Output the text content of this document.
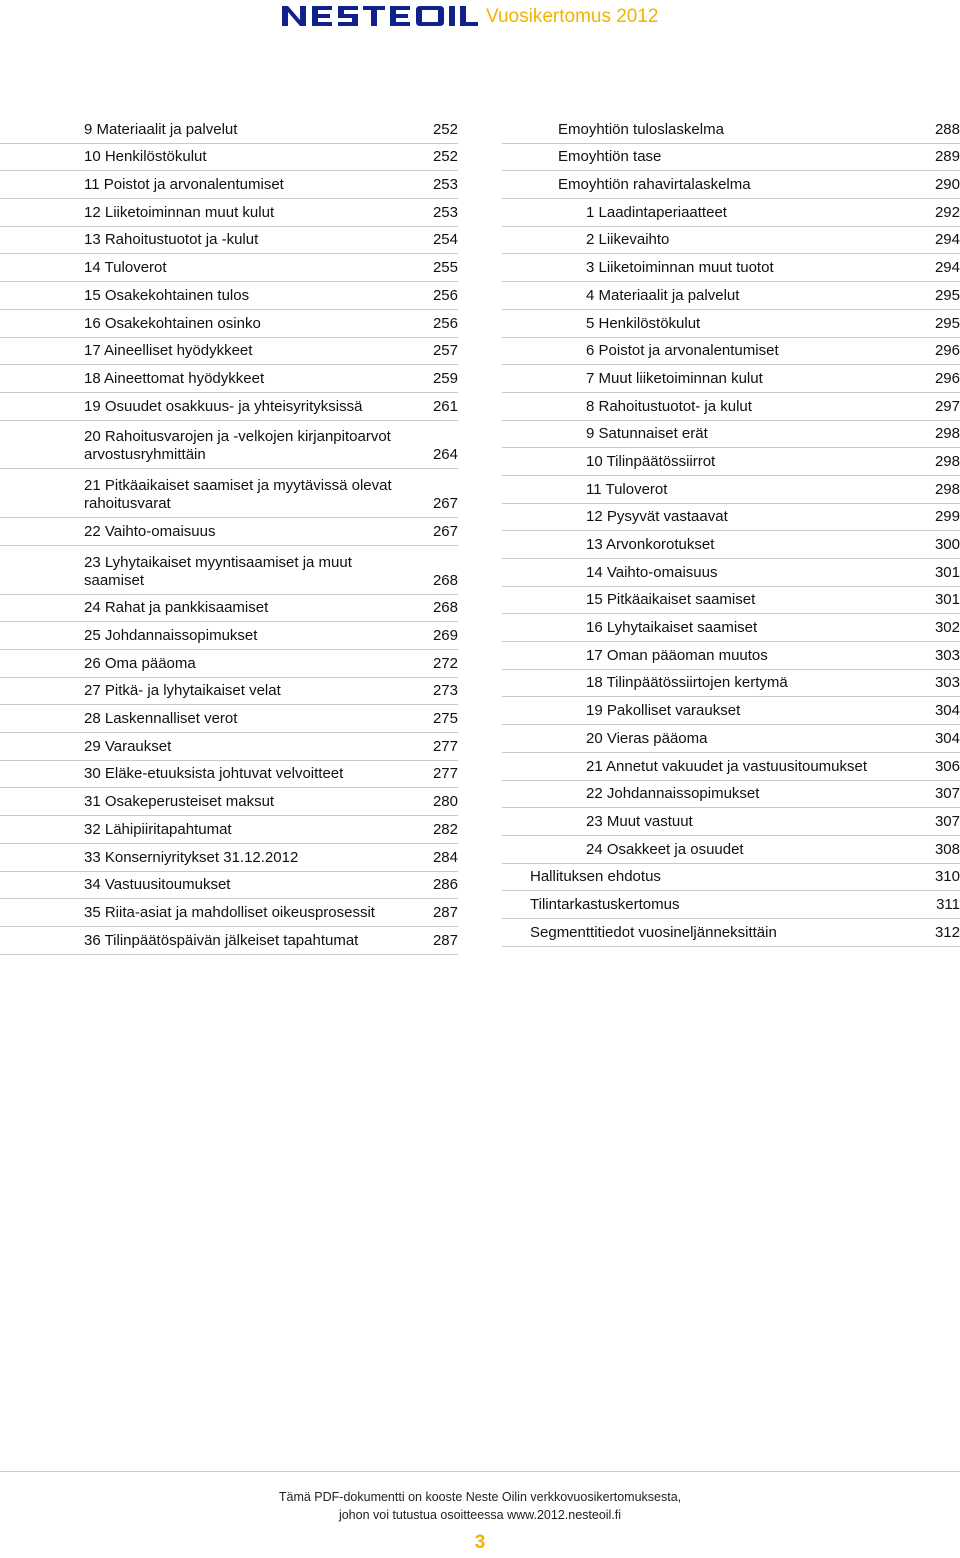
Vuosikertomus 2012
9 Materiaalit ja palvelut	252
10 Henkilöstökulut	252
11 Poistot ja arvonalentumiset	253
12 Liiketoiminnan muut kulut	253
13 Rahoitustuotot ja -kulut	254
14 Tuloverot	255
15 Osakekohtainen tulos	256
16 Osakekohtainen osinko	256
17 Aineelliset hyödykkeet	257
18 Aineettomat hyödykkeet	259
19 Osuudet osakkuus- ja yhteisyrityksissä	261
20 Rahoitusvarojen ja -velkojen kirjanpitoarvot arvostusryhmittäin	264
21 Pitkäaikaiset saamiset ja myytävissä olevat rahoitusvarat	267
22 Vaihto-omaisuus	267
23 Lyhytaikaiset myyntisaamiset ja muut saamiset	268
24 Rahat ja pankkisaamiset	268
25 Johdannaissopimukset	269
26 Oma pääoma	272
27 Pitkä- ja lyhytaikaiset velat	273
28 Laskennalliset verot	275
29 Varaukset	277
30 Eläke-etuuksista johtuvat velvoitteet	277
31 Osakeperusteiset maksut	280
32 Lähipiiritapahtumat	282
33 Konserniyritykset 31.12.2012	284
34 Vastuusitoumukset	286
35 Riita-asiat ja mahdolliset oikeusprosessit	287
36 Tilinpäätöspäivän jälkeiset tapahtumat	287
Emoyhtiön tuloslaskelma	288
Emoyhtiön tase	289
Emoyhtiön rahavirtalaskelma	290
1 Laadintaperiaatteet	292
2 Liikevaihto	294
3 Liiketoiminnan muut tuotot	294
4 Materiaalit ja palvelut	295
5 Henkilöstökulut	295
6 Poistot ja arvonalentumiset	296
7 Muut liiketoiminnan kulut	296
8 Rahoitustuotot- ja kulut	297
9 Satunnaiset erät	298
10 Tilinpäätössiirrot	298
11 Tuloverot	298
12 Pysyvät vastaavat	299
13 Arvonkorotukset	300
14 Vaihto-omaisuus	301
15 Pitkäaikaiset saamiset	301
16 Lyhytaikaiset saamiset	302
17 Oman pääoman muutos	303
18 Tilinpäätössiirtojen kertymä	303
19 Pakolliset varaukset	304
20 Vieras pääoma	304
21 Annetut vakuudet ja vastuusitoumukset	306
22 Johdannaissopimukset	307
23 Muut vastuut	307
24 Osakkeet ja osuudet	308
Hallituksen ehdotus	310
Tilintarkastuskertomus	311
Segmenttitiedot vuosineljänneksittäin	312
Tämä PDF-dokumentti on kooste Neste Oilin verkkovuosikertomuksesta,
johon voi tutustua osoitteessa www.2012.nesteoil.fi
3
